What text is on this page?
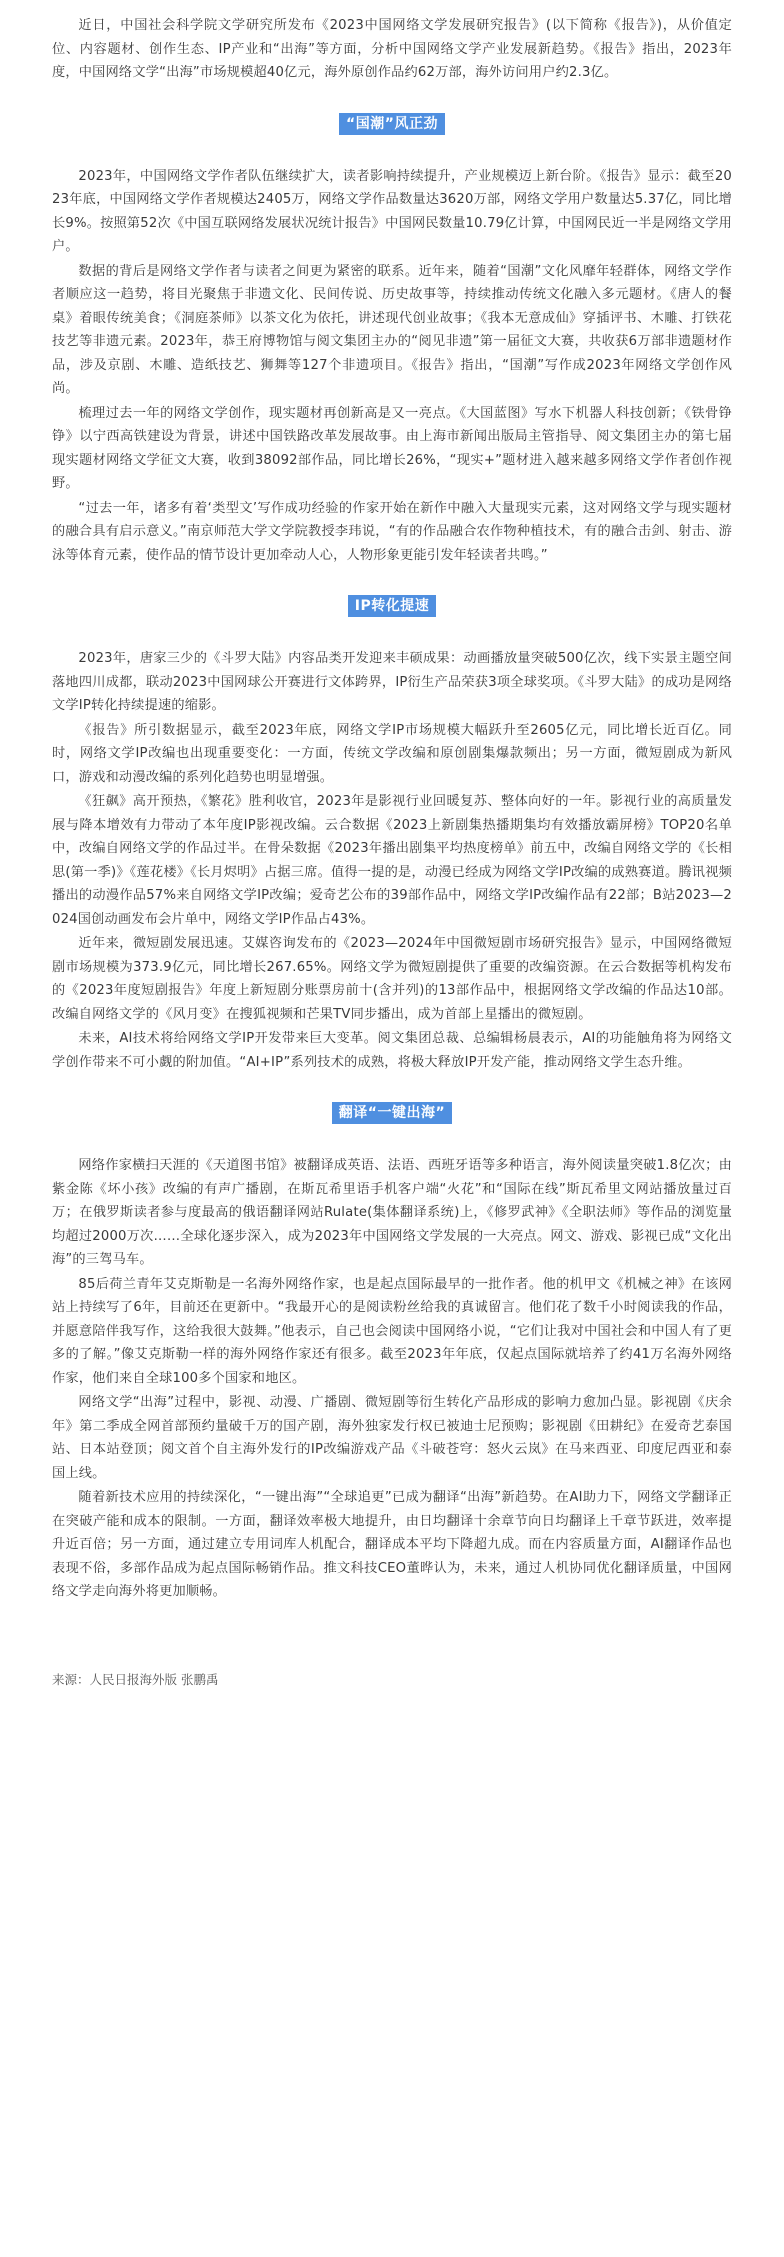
近日，中国社会科学院文学研究所发布《2023中国网络文学发展研究报告》(以下简称《报告》)，从价值定位、内容题材、创作生态、IP产业和“出海”等方面，分析中国网络文学产业发展新趋势。《报告》指出，2023年度，中国网络文学“出海”市场规模超40亿元，海外原创作品约62万部，海外访问用户约2.3亿。

“国潮”风正劲

2023年，中国网络文学作者队伍继续扩大，读者影响持续提升，产业规模迈上新台阶。《报告》显示：截至2023年底，中国网络文学作者规模达2405万，网络文学作品数量达3620万部，网络文学用户数量达5.37亿，同比增长9%。按照第52次《中国互联网络发展状况统计报告》中国网民数量10.79亿计算，中国网民近一半是网络文学用户。

数据的背后是网络文学作者与读者之间更为紧密的联系。近年来，随着“国潮”文化风靡年轻群体，网络文学作者顺应这一趋势，将目光聚焦于非遗文化、民间传说、历史故事等，持续推动传统文化融入多元题材。《唐人的餐桌》着眼传统美食；《洞庭茶师》以茶文化为依托，讲述现代创业故事；《我本无意成仙》穿插评书、木雕、打铁花技艺等非遗元素。2023年，恭王府博物馆与阅文集团主办的“阅见非遗”第一届征文大赛，共收获6万部非遗题材作品，涉及京剧、木雕、造纸技艺、狮舞等127个非遗项目。《报告》指出，“国潮”写作成2023年网络文学创作风尚。

梳理过去一年的网络文学创作，现实题材再创新高是又一亮点。《大国蓝图》写水下机器人科技创新；《铁骨铮铮》以宁西高铁建设为背景，讲述中国铁路改革发展故事。由上海市新闻出版局主管指导、阅文集团主办的第七届现实题材网络文学征文大赛，收到38092部作品，同比增长26%，“现实+”题材进入越来越多网络文学作者创作视野。

“过去一年，诸多有着‘类型文’写作成功经验的作家开始在新作中融入大量现实元素，这对网络文学与现实题材的融合具有启示意义。”南京师范大学文学院教授李玮说，“有的作品融合农作物种植技术，有的融合击剑、射击、游泳等体育元素，使作品的情节设计更加牵动人心，人物形象更能引发年轻读者共鸣。”

IP转化提速

2023年，唐家三少的《斗罗大陆》内容品类开发迎来丰硕成果：动画播放量突破500亿次，线下实景主题空间落地四川成都，联动2023中国网球公开赛进行文体跨界，IP衍生产品荣获3项全球奖项。《斗罗大陆》的成功是网络文学IP转化持续提速的缩影。

《报告》所引数据显示，截至2023年底，网络文学IP市场规模大幅跃升至2605亿元，同比增长近百亿。同时，网络文学IP改编也出现重要变化：一方面，传统文学改编和原创剧集爆款频出；另一方面，微短剧成为新风口，游戏和动漫改编的系列化趋势也明显增强。

《狂飙》高开预热，《繁花》胜利收官，2023年是影视行业回暖复苏、整体向好的一年。影视行业的高质量发展与降本增效有力带动了本年度IP影视改编。云合数据《2023上新剧集热播期集均有效播放霸屏榜》TOP20名单中，改编自网络文学的作品过半。在骨朵数据《2023年播出剧集平均热度榜单》前五中，改编自网络文学的《长相思(第一季)》《莲花楼》《长月烬明》占据三席。值得一提的是，动漫已经成为网络文学IP改编的成熟赛道。腾讯视频播出的动漫作品57%来自网络文学IP改编；爱奇艺公布的39部作品中，网络文学IP改编作品有22部；B站2023—2024国创动画发布会片单中，网络文学IP作品占43%。

近年来，微短剧发展迅速。艾媒咨询发布的《2023—2024年中国微短剧市场研究报告》显示，中国网络微短剧市场规模为373.9亿元，同比增长267.65%。网络文学为微短剧提供了重要的改编资源。在云合数据等机构发布的《2023年度短剧报告》年度上新短剧分账票房前十(含并列)的13部作品中，根据网络文学改编的作品达10部。改编自网络文学的《风月变》在搜狐视频和芒果TV同步播出，成为首部上星播出的微短剧。

未来，AI技术将给网络文学IP开发带来巨大变革。阅文集团总裁、总编辑杨晨表示，AI的功能触角将为网络文学创作带来不可小觑的附加值。“AI+IP”系列技术的成熟，将极大释放IP开发产能，推动网络文学生态升维。

翻译“一键出海”

网络作家横扫天涯的《天道图书馆》被翻译成英语、法语、西班牙语等多种语言，海外阅读量突破1.8亿次；由紫金陈《坏小孩》改编的有声广播剧，在斯瓦希里语手机客户端“火花”和“国际在线”斯瓦希里文网站播放量过百万；在俄罗斯读者参与度最高的俄语翻译网站Rulate(集体翻译系统)上，《修罗武神》《全职法师》等作品的浏览量均超过2000万次……全球化逐步深入，成为2023年中国网络文学发展的一大亮点。网文、游戏、影视已成“文化出海”的三驾马车。

85后荷兰青年艾克斯勒是一名海外网络作家，也是起点国际最早的一批作者。他的机甲文《机械之神》在该网站上持续写了6年，目前还在更新中。“我最开心的是阅读粉丝给我的真诚留言。他们花了数千小时阅读我的作品，并愿意陪伴我写作，这给我很大鼓舞。”他表示，自己也会阅读中国网络小说，“它们让我对中国社会和中国人有了更多的了解。”像艾克斯勒一样的海外网络作家还有很多。截至2023年年底，仅起点国际就培养了约41万名海外网络作家，他们来自全球100多个国家和地区。

网络文学“出海”过程中，影视、动漫、广播剧、微短剧等衍生转化产品形成的影响力愈加凸显。影视剧《庆余年》第二季成全网首部预约量破千万的国产剧，海外独家发行权已被迪士尼预购；影视剧《田耕纪》在爱奇艺泰国站、日本站登顶；阅文首个自主海外发行的IP改编游戏产品《斗破苍穹：怒火云岚》在马来西亚、印度尼西亚和泰国上线。

随着新技术应用的持续深化，“一键出海”“全球追更”已成为翻译“出海”新趋势。在AI助力下，网络文学翻译正在突破产能和成本的限制。一方面，翻译效率极大地提升，由日均翻译十余章节向日均翻译上千章节跃进，效率提升近百倍；另一方面，通过建立专用词库人机配合，翻译成本平均下降超九成。而在内容质量方面，AI翻译作品也表现不俗，多部作品成为起点国际畅销作品。推文科技CEO董晔认为，未来，通过人机协同优化翻译质量，中国网络文学走向海外将更加顺畅。

来源：人民日报海外版 张鹏禹
